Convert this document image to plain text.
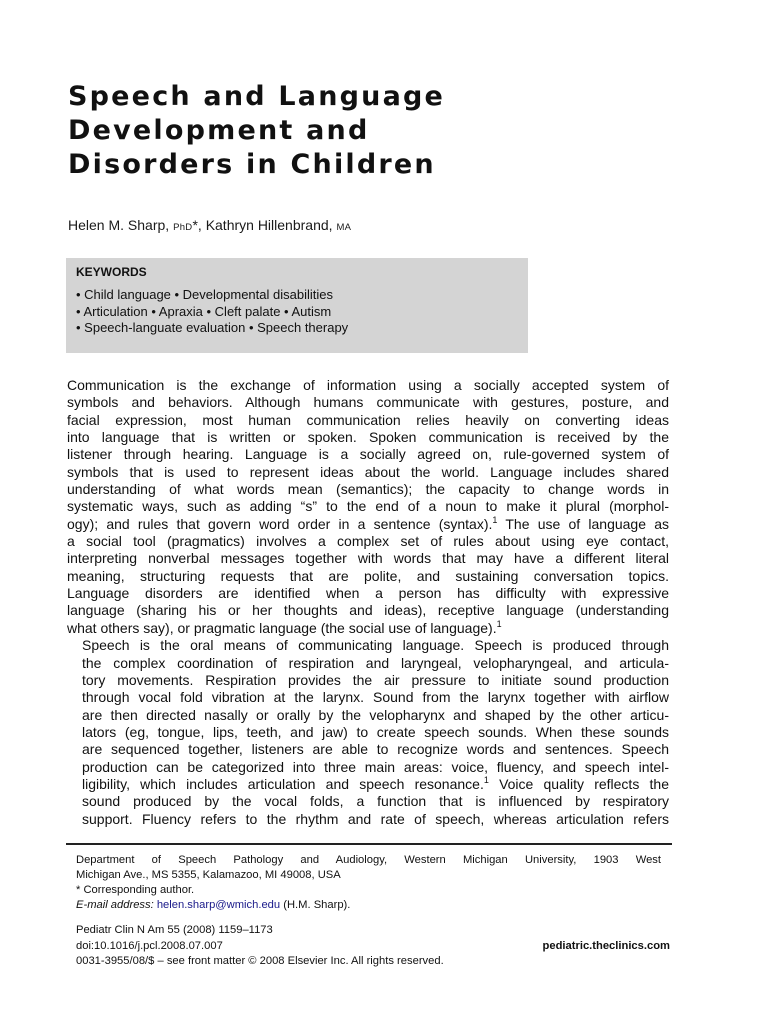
Speech and Language
Development and
Disorders in Children
Helen M. Sharp, PhD*, Kathryn Hillenbrand, MA
KEYWORDS
• Child language • Developmental disabilities
• Articulation • Apraxia • Cleft palate • Autism
• Speech-languate evaluation • Speech therapy

Communication is the exchange of information using a socially accepted system of
symbols and behaviors. Although humans communicate with gestures, posture, and
facial expression, most human communication relies heavily on converting ideas
into language that is written or spoken. Spoken communication is received by the
listener through hearing. Language is a socially agreed on, rule-governed system of
symbols that is used to represent ideas about the world. Language includes shared
understanding of what words mean (semantics); the capacity to change words in
systematic ways, such as adding “s” to the end of a noun to make it plural (morphol-
ogy); and rules that govern word order in a sentence (syntax).$^1$ The use of language as
a social tool (pragmatics) involves a complex set of rules about using eye contact,
interpreting nonverbal messages together with words that may have a different literal
meaning, structuring requests that are polite, and sustaining conversation topics.
Language disorders are identified when a person has difficulty with expressive
language (sharing his or her thoughts and ideas), receptive language (understanding
what others say), or pragmatic language (the social use of language).$^1$

Speech is the oral means of communicating language. Speech is produced through
the complex coordination of respiration and laryngeal, velopharyngeal, and articula-
tory movements. Respiration provides the air pressure to initiate sound production
through vocal fold vibration at the larynx. Sound from the larynx together with airflow
are then directed nasally or orally by the velopharynx and shaped by the other articu-
lators (eg, tongue, lips, teeth, and jaw) to create speech sounds. When these sounds
are sequenced together, listeners are able to recognize words and sentences. Speech
production can be categorized into three main areas: voice, fluency, and speech intel-
ligibility, which includes articulation and speech resonance.$^1$ Voice quality reflects the
sound produced by the vocal folds, a function that is influenced by respiratory
support. Fluency refers to the rhythm and rate of speech, whereas articulation refers

Department of Speech Pathology and Audiology, Western Michigan University, 1903 West
Michigan Ave., MS 5355, Kalamazoo, MI 49008, USA
* Corresponding author.
E-mail address: helen.sharp@wmich.edu (H.M. Sharp).
Pediatr Clin N Am 55 (2008) 1159–1173
doi:10.1016/j.pcl.2008.07.007
0031-3955/08/$ – see front matter © 2008 Elsevier Inc. All rights reserved.
pediatric.theclinics.com
